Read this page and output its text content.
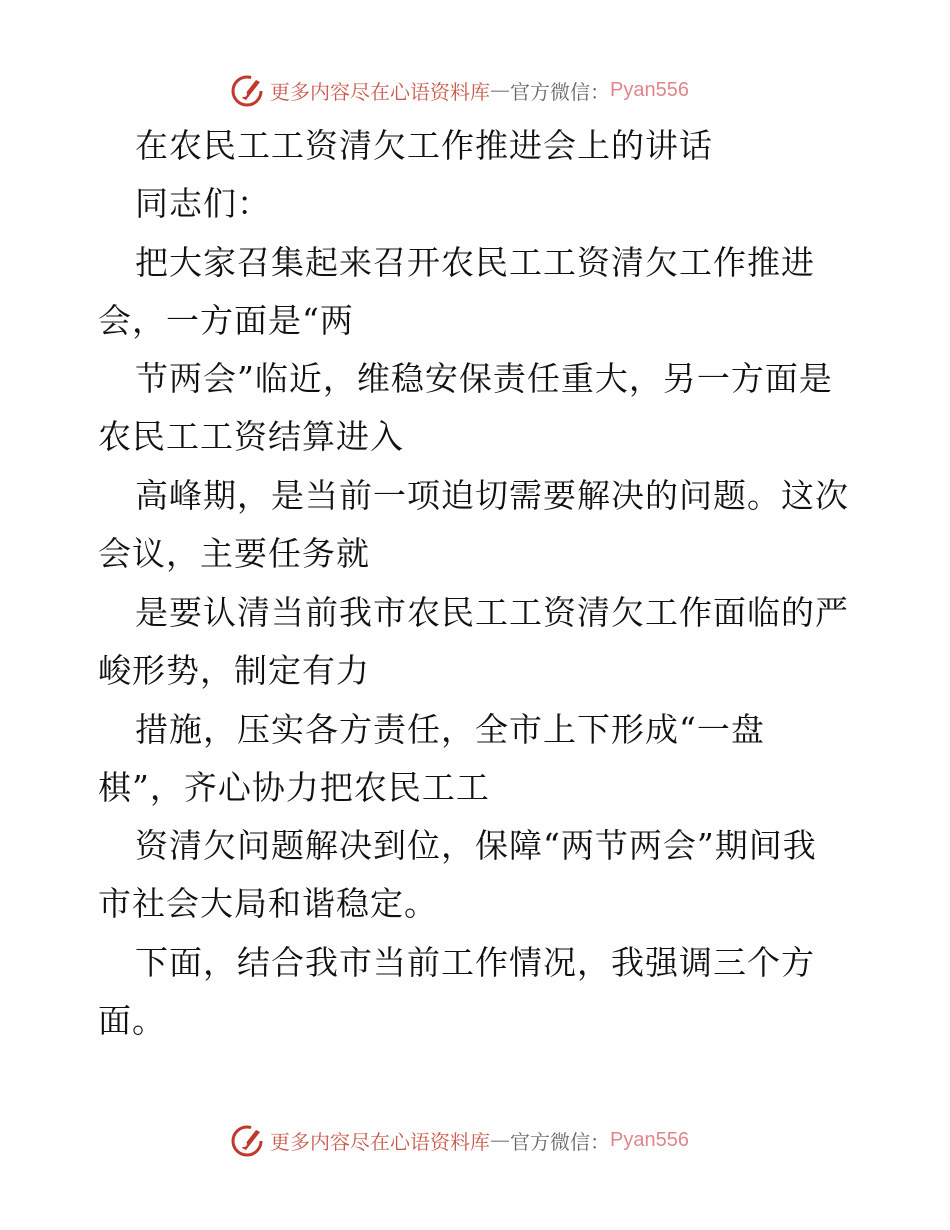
更多内容尽在心语资料库 — 官方微信： Pyan556
在农民工工资清欠工作推进会上的讲话
同志们：
把大家召集起来召开农民工工资清欠工作推进
会，一方面是“两
节两会”临近，维稳安保责任重大，另一方面是
农民工工资结算进入
高峰期，是当前一项迫切需要解决的问题。这次
会议，主要任务就
是要认清当前我市农民工工资清欠工作面临的严
峻形势，制定有力
措施，压实各方责任，全市上下形成“一盘
棋”，齐心协力把农民工工
资清欠问题解决到位，保障“两节两会”期间我
市社会大局和谐稳定。
下面，结合我市当前工作情况，我强调三个方
面。
更多内容尽在心语资料库 — 官方微信： Pyan556
